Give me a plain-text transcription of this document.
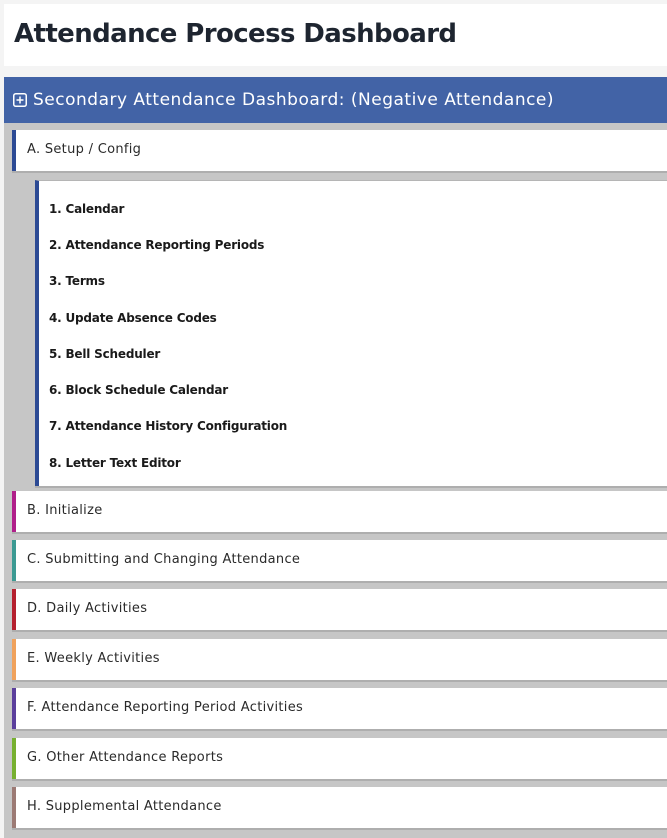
Attendance Process Dashboard
Secondary Attendance Dashboard: (Negative Attendance)
A. Setup / Config
1. Calendar
2. Attendance Reporting Periods
3. Terms
4. Update Absence Codes
5. Bell Scheduler
6. Block Schedule Calendar
7. Attendance History Configuration
8. Letter Text Editor
B. Initialize
C. Submitting and Changing Attendance
D. Daily Activities
E. Weekly Activities
F. Attendance Reporting Period Activities
G. Other Attendance Reports
H. Supplemental Attendance
